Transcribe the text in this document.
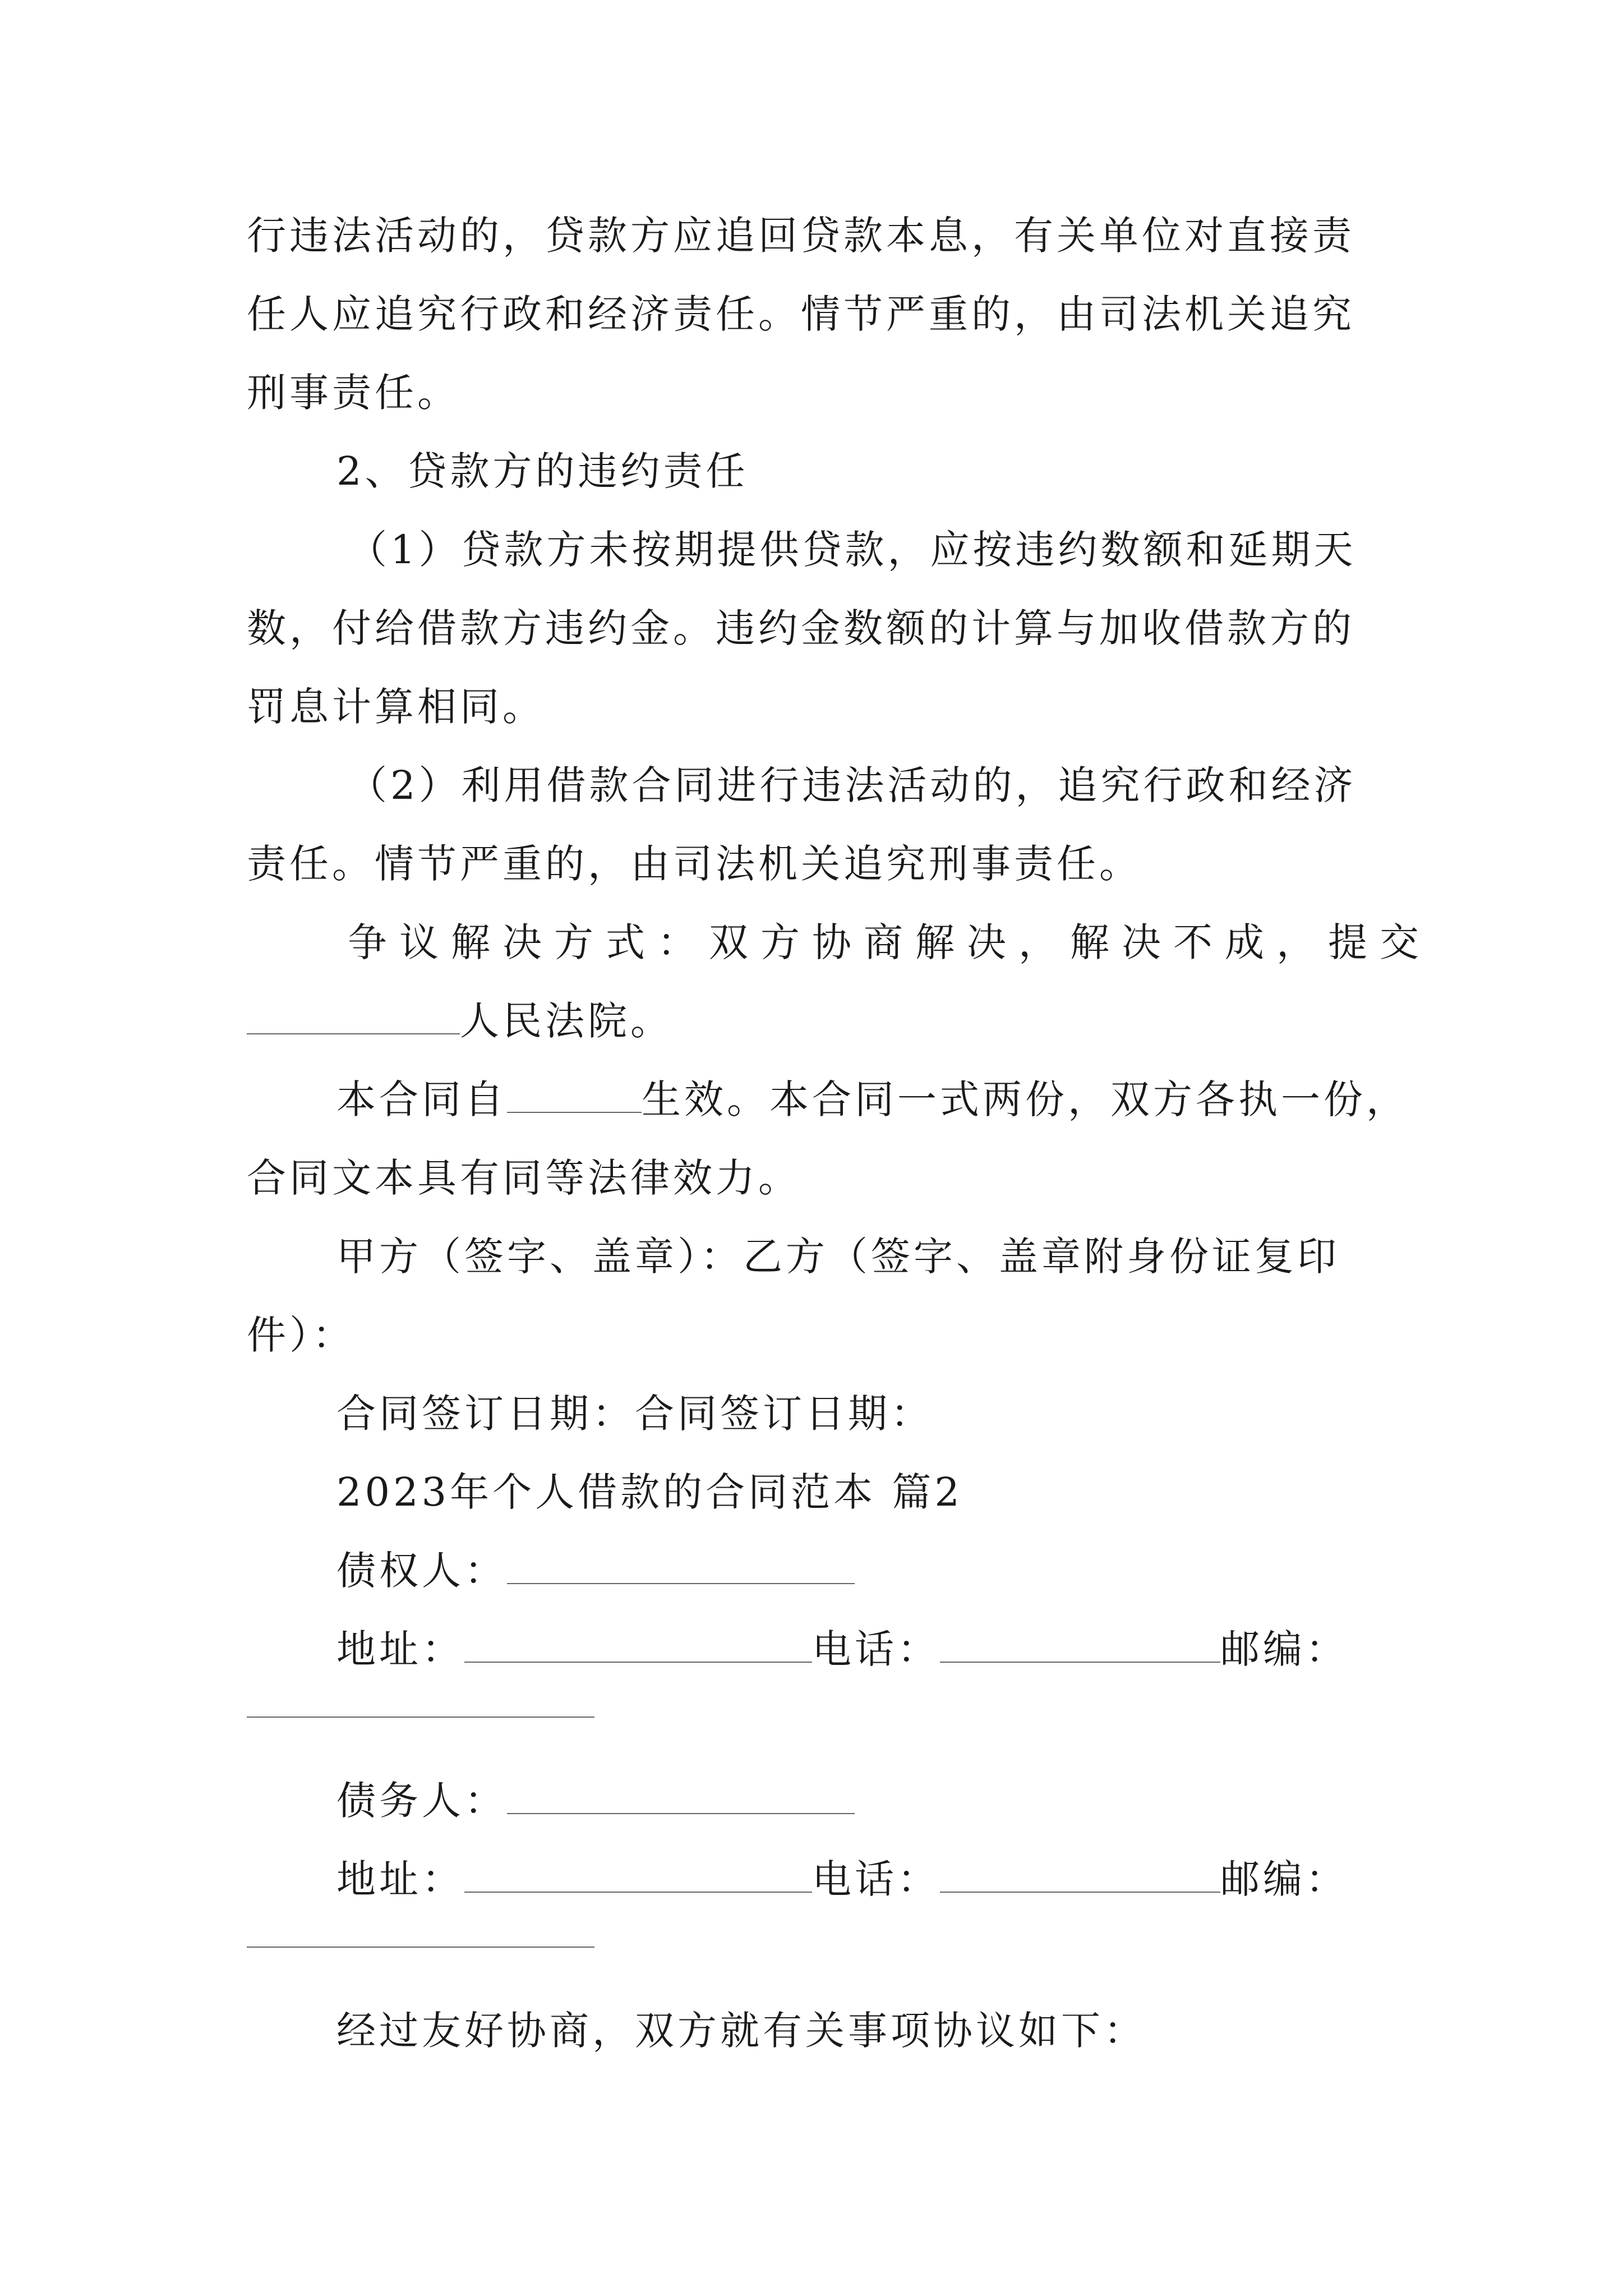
行违法活动的，贷款方应追回贷款本息，有关单位对直接责
任人应追究行政和经济责任。情节严重的，由司法机关追究
刑事责任。
2、贷款方的违约责任
（1）贷款方未按期提供贷款，应按违约数额和延期天
数，付给借款方违约金。违约金数额的计算与加收借款方的
罚息计算相同。
（2）利用借款合同进行违法活动的，追究行政和经济
责任。情节严重的，由司法机关追究刑事责任。
争议解决方式：双方协商解决，解决不成，提交
人民法院。
本合同自	生效。本合同一式两份，双方各执一份，
合同文本具有同等法律效力。
甲方（签字、盖章）：乙方（签字、盖章附身份证复印
件）：
合同签订日期：合同签订日期：
2023年个人借款的合同范本 篇2
债权人：
地址：	电话：	邮编：
债务人：
地址：	电话：	邮编：
经过友好协商，双方就有关事项协议如下：
